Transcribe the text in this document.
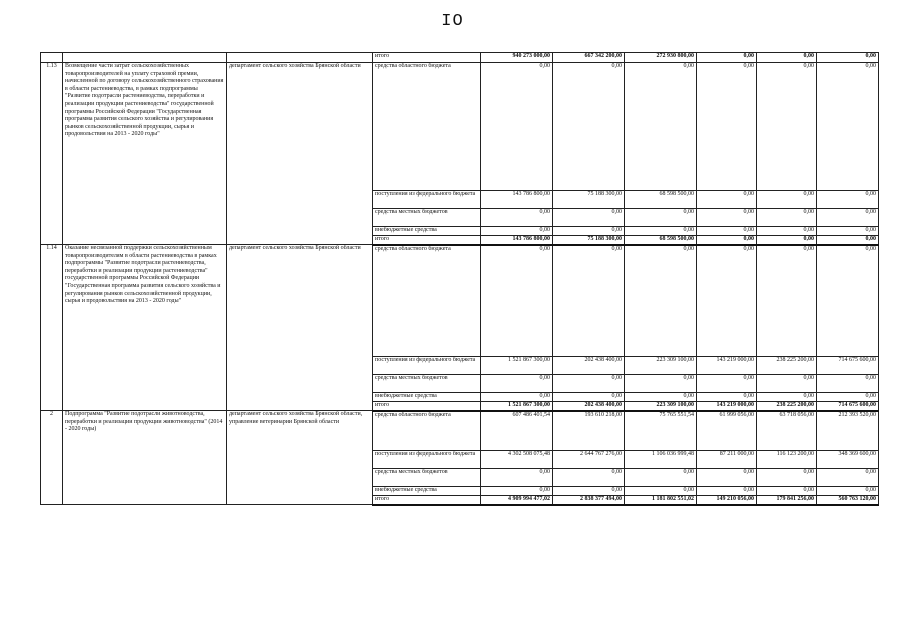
IO
			итого	940 273 000,00	667 342 200,00	272 930 800,00	0,00	0,00	0,00
1.13	Возмещение части затрат сельскохозяйственных товаропроизводителей на уплату страховой премии, начисленной по договору сельскохозяйственного страхования в области растениеводства, в рамках подпрограммы "Развитие подотрасли растениеводства, переработки и реализации продукции растениеводства" государственной программы Российской Федерации "Государственная программа развития сельского хозяйства и регулирования рынков сельскохозяйственной продукции, сырья и продовольствия на 2013 - 2020 годы"	департамент сельского хозяйства Брянской области	средства областного бюджета	0,00	0,00	0,00	0,00	0,00	0,00
			поступления из федерального бюджета	143 786 800,00	75 188 300,00	68 598 500,00	0,00	0,00	0,00
			средства местных бюджетов	0,00	0,00	0,00	0,00	0,00	0,00
			внебюджетные средства	0,00	0,00	0,00	0,00	0,00	0,00
			итого	143 786 800,00	75 188 300,00	68 598 500,00	0,00	0,00	0,00
1.14	Оказание несвязанной поддержки сельскохозяйственным товаропроизводителям в области растениеводства в рамках подпрограммы "Развитие подотрасли растениеводства, переработки и реализации продукции растениеводства" государственной программы Российской Федерации "Государственная программа развития сельского хозяйства и регулирования рынков сельскохозяйственной продукции, сырья и продовольствия на 2013 - 2020 годы"	департамент сельского хозяйства Брянской области	средства областного бюджета	0,00	0,00	0,00	0,00	0,00	0,00
			поступления из федерального бюджета	1 521 867 300,00	202 438 400,00	223 309 100,00	143 219 000,00	238 225 200,00	714 675 600,00
			средства местных бюджетов	0,00	0,00	0,00	0,00	0,00	0,00
			внебюджетные средства	0,00	0,00	0,00	0,00	0,00	0,00
			итого	1 521 867 300,00	202 438 400,00	223 309 100,00	143 219 000,00	238 225 200,00	714 675 600,00
2	Подпрограмма "Развитие подотрасли животноводства, переработки и реализации продукции животноводства" (2014 - 2020 годы)	департамент сельского хозяйства Брянской области, управление ветеринарии Брянской области	средства областного бюджета	607 486 401,54	193 610 218,00	75 765 551,54	61 999 056,00	63 718 056,00	212 393 520,00
			поступления из федерального бюджета	4 302 508 075,48	2 644 767 276,00	1 106 036 999,48	87 211 000,00	116 123 200,00	348 369 600,00
			средства местных бюджетов	0,00	0,00	0,00	0,00	0,00	0,00
			внебюджетные средства	0,00	0,00	0,00	0,00	0,00	0,00
			итого	4 909 994 477,02	2 838 377 494,00	1 181 802 551,02	149 210 056,00	179 841 256,00	560 763 120,00
